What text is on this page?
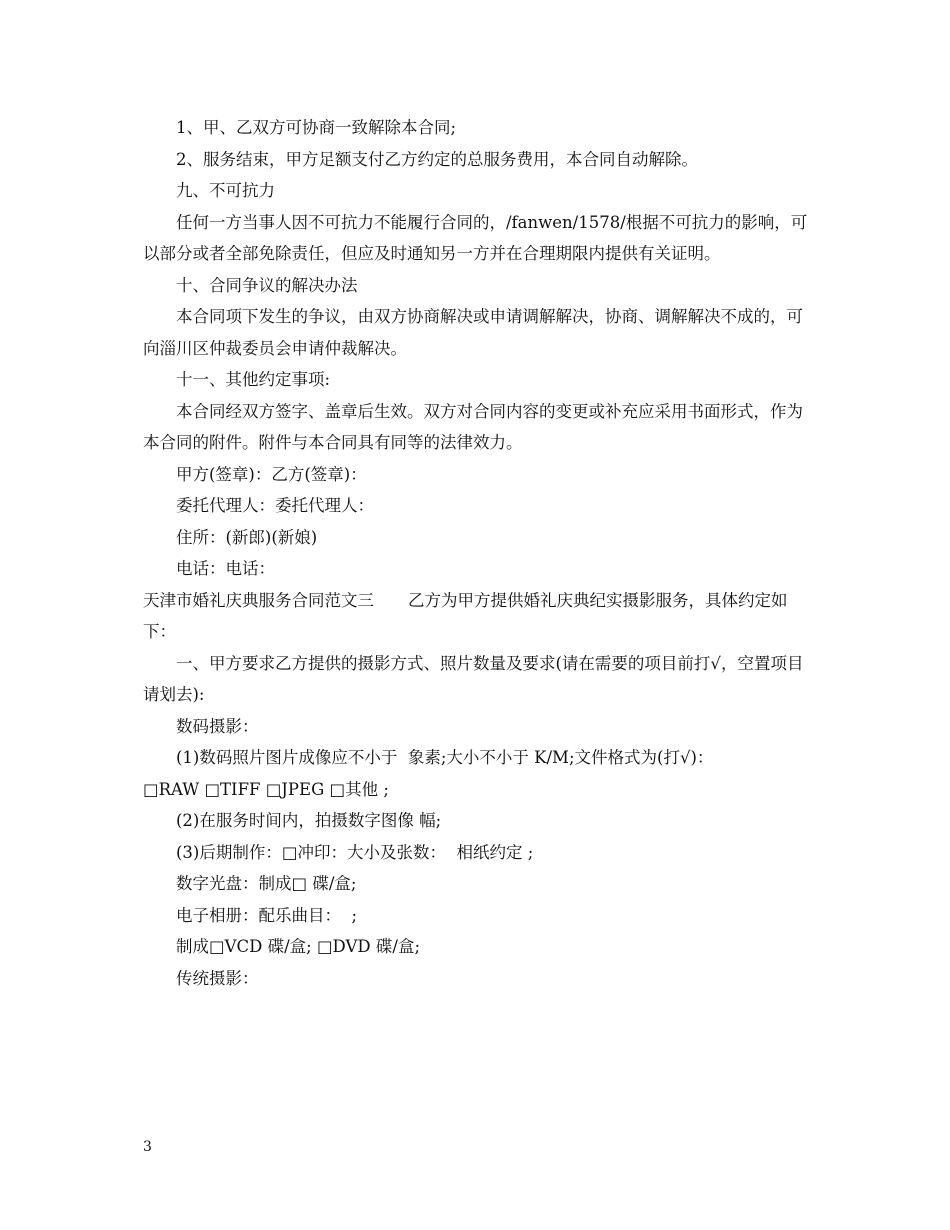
1、甲、乙双方可协商一致解除本合同;

2、服务结束，甲方足额支付乙方约定的总服务费用，本合同自动解除。

九、不可抗力

任何一方当事人因不可抗力不能履行合同的，/fanwen/1578/根据不可抗力的影响，可以部分或者全部免除责任，但应及时通知另一方并在合理期限内提供有关证明。

十、合同争议的解决办法

本合同项下发生的争议，由双方协商解决或申请调解解决，协商、调解解决不成的，可向淄川区仲裁委员会申请仲裁解决。

十一、其他约定事项:

本合同经双方签字、盖章后生效。双方对合同内容的变更或补充应采用书面形式，作为本合同的附件。附件与本合同具有同等的法律效力。

甲方(签章)：乙方(签章)：

委托代理人：委托代理人：

住所：(新郎)(新娘)

电话：电话：

天津市婚礼庆典服务合同范文三 乙方为甲方提供婚礼庆典纪实摄影服务，具体约定如下：

一、甲方要求乙方提供的摄影方式、照片数量及要求(请在需要的项目前打√，空置项目请划去):

数码摄影：

(1)数码照片图片成像应不小于  象素;大小不小于 K/M;文件格式为(打√)：

□RAW □TIFF □JPEG □其他 ;

(2)在服务时间内，拍摄数字图像 幅;

(3)后期制作：□冲印：大小及张数：  相纸约定 ;

数字光盘：制成□ 碟/盒;

电子相册：配乐曲目：  ;

制成□VCD 碟/盒; □DVD 碟/盒;

传统摄影：

3
